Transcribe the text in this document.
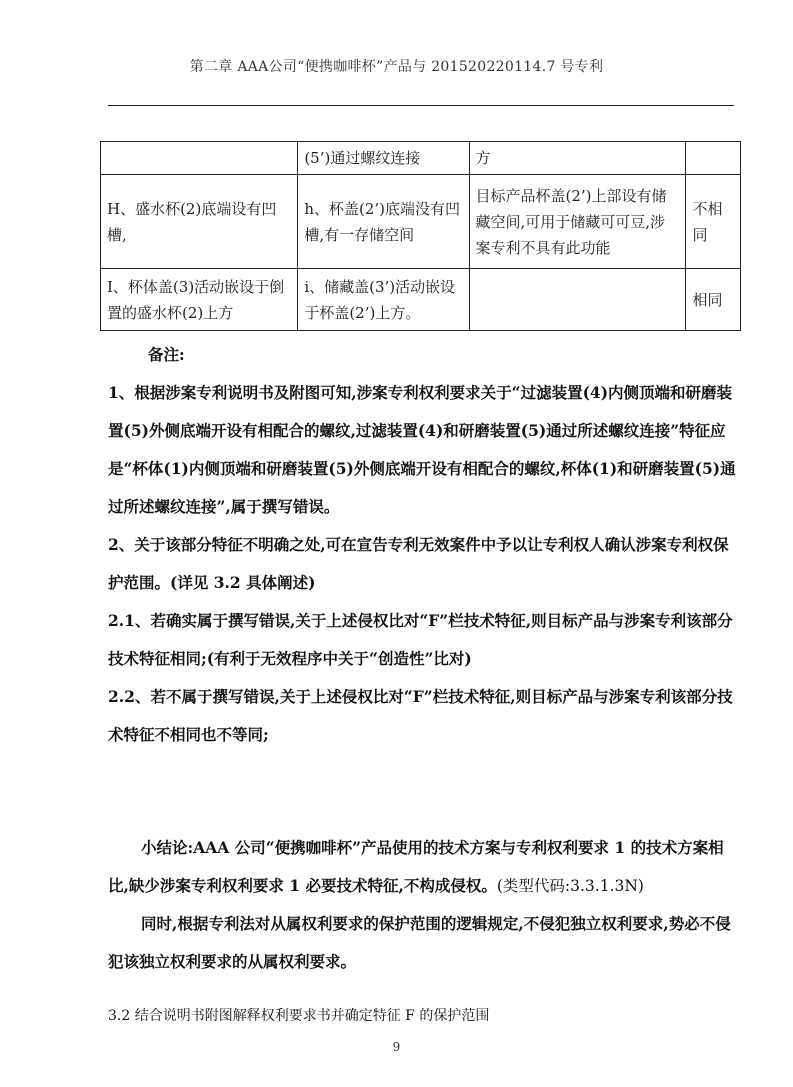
第二章 AAA公司“便携咖啡杯”产品与 201520220114.7 号专利
	(5’)通过螺纹连接	方	
H、盛水杯(2)底端设有凹槽,	h、杯盖(2’)底端没有凹槽,有一存储空间	目标产品杯盖(2’)上部设有储藏空间,可用于储藏可可豆,涉案专利不具有此功能	不相同
I、杯体盖(3)活动嵌设于倒置的盛水杯(2)上方	i、储藏盖(3’)活动嵌设于杯盖(2’)上方。		相同

备注:

1、根据涉案专利说明书及附图可知,涉案专利权利要求关于“过滤装置(4)内侧顶端和研磨装置(5)外侧底端开设有相配合的螺纹,过滤装置(4)和研磨装置(5)通过所述螺纹连接”特征应是“杯体(1)内侧顶端和研磨装置(5)外侧底端开设有相配合的螺纹,杯体(1)和研磨装置(5)通过所述螺纹连接”,属于撰写错误。

2、关于该部分特征不明确之处,可在宣告专利无效案件中予以让专利权人确认涉案专利权保护范围。(详见 3.2 具体阐述)

2.1、若确实属于撰写错误,关于上述侵权比对“F”栏技术特征,则目标产品与涉案专利该部分技术特征相同;(有利于无效程序中关于“创造性”比对)

2.2、若不属于撰写错误,关于上述侵权比对“F”栏技术特征,则目标产品与涉案专利该部分技术特征不相同也不等同;

小结论:AAA 公司“便携咖啡杯”产品使用的技术方案与专利权利要求 1 的技术方案相比,缺少涉案专利权利要求 1 必要技术特征,不构成侵权。(类型代码:3.3.1.3N)

同时,根据专利法对从属权利要求的保护范围的逻辑规定,不侵犯独立权利要求,势必不侵犯该独立权利要求的从属权利要求。

3.2 结合说明书附图解释权利要求书并确定特征 F 的保护范围
9
